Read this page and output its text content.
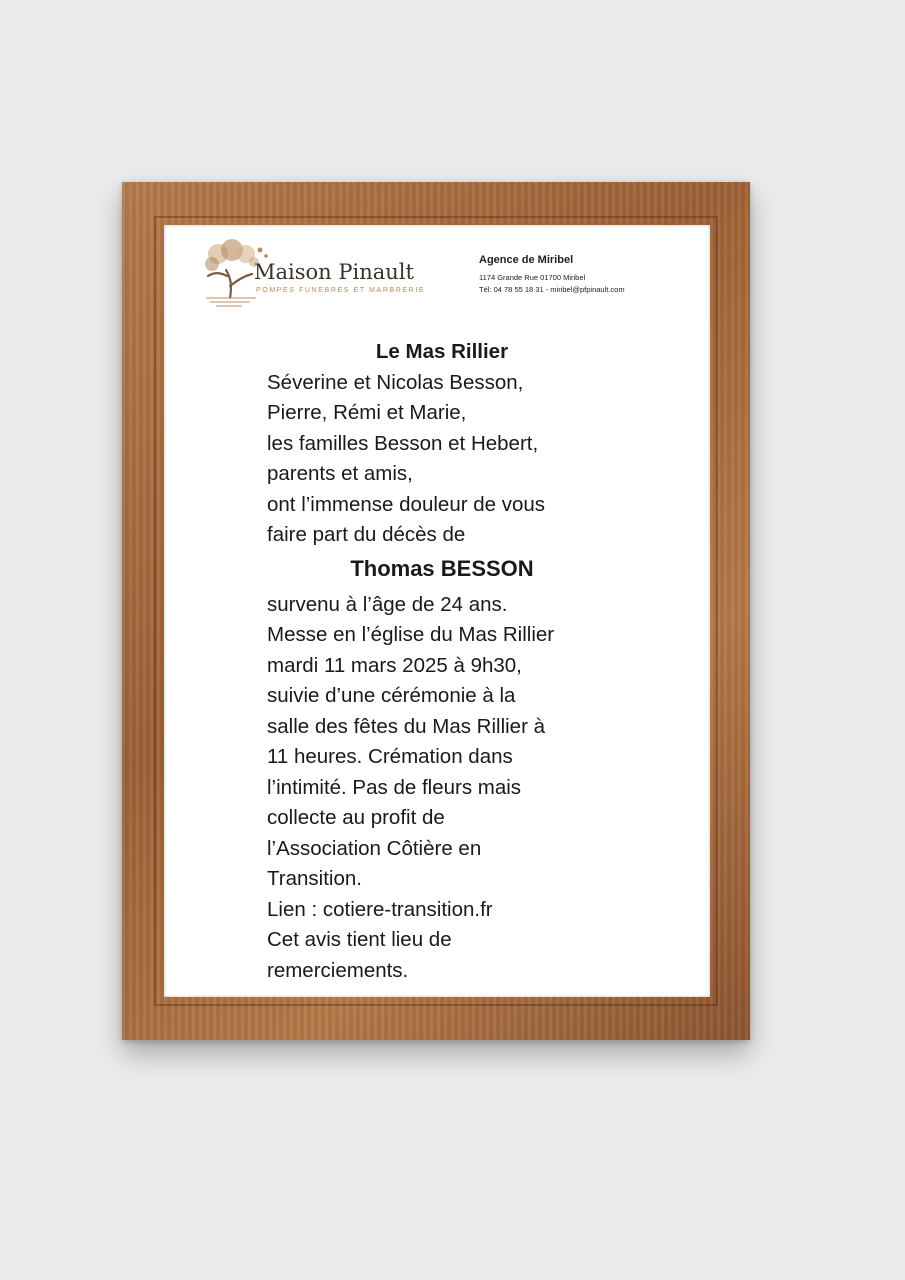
Maison Pinault
POMPES FUNEBRES ET MARBRERIE
Agence de Miribel
1174 Grande Rue 01700 Miribel
Tél: 04 78 55 18 31 - miribel@pfpinault.com
Le Mas Rillier
Séverine et Nicolas Besson,
Pierre, Rémi et Marie,
les familles Besson et Hebert,
parents et amis,
ont l’immense douleur de vous
faire part du décès de
Thomas BESSON
survenu à l’âge de 24 ans.
Messe en l’église du Mas Rillier
mardi 11 mars 2025 à 9h30,
suivie d’une cérémonie à la
salle des fêtes du Mas Rillier à
11 heures. Crémation dans
l’intimité. Pas de fleurs mais
collecte au profit de
l’Association Côtière en
Transition.
Lien : cotiere-transition.fr
Cet avis tient lieu de
remerciements.
